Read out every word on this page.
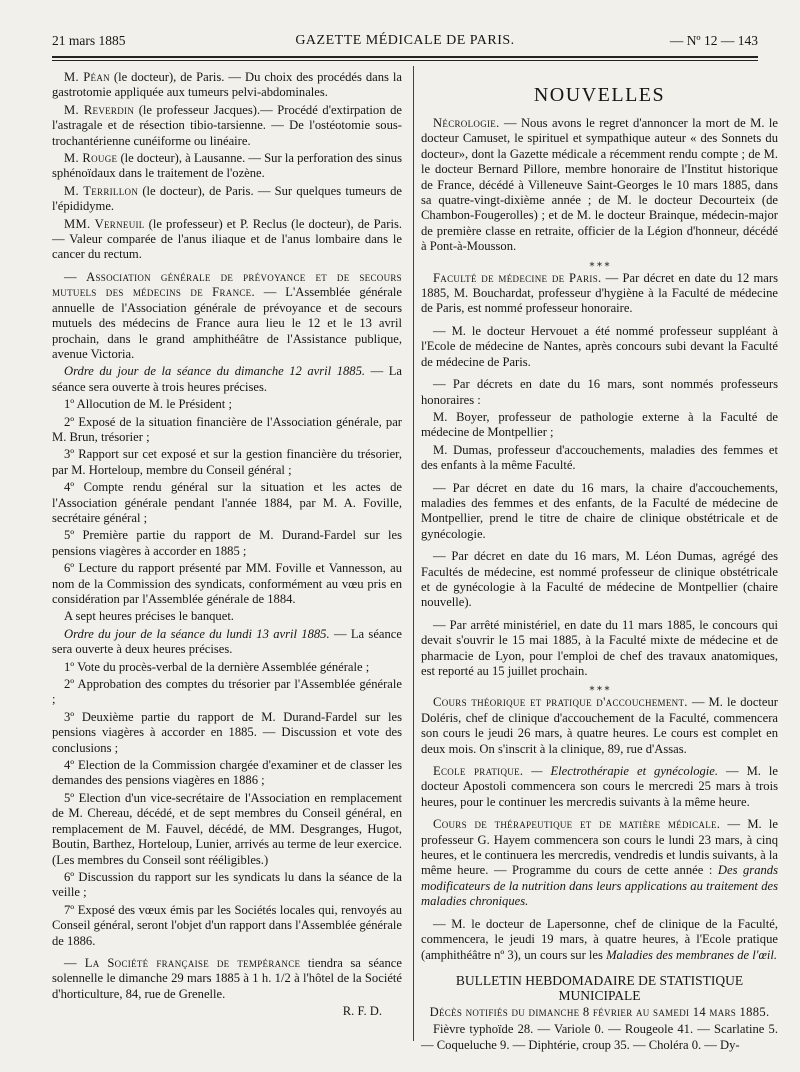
21 mars 1885	GAZETTE MÉDICALE DE PARIS.	— Nº 12 — 143

M. Péan (le docteur), de Paris. — Du choix des procédés dans la gastrotomie appliquée aux tumeurs pelvi-abdominales.

M. Reverdin (le professeur Jacques).— Procédé d'extirpation de l'astragale et de résection tibio-tarsienne. — De l'ostéotomie sous-trochantérienne cunéiforme ou linéaire.

M. Rouge (le docteur), à Lausanne. — Sur la perforation des sinus sphénoïdaux dans le traitement de l'ozène.

M. Terrillon (le docteur), de Paris. — Sur quelques tumeurs de l'épididyme.

MM. Verneuil (le professeur) et P. Reclus (le docteur), de Paris. — Valeur comparée de l'anus iliaque et de l'anus lombaire dans le cancer du rectum.

— Association générale de prévoyance et de secours mutuels des médecins de France. — L'Assemblée générale annuelle de l'Association générale de prévoyance et de secours mutuels des médecins de France aura lieu le 12 et le 13 avril prochain, dans le grand amphithéâtre de l'Assistance publique, avenue Victoria.

Ordre du jour de la séance du dimanche 12 avril 1885. — La séance sera ouverte à trois heures précises.

1º Allocution de M. le Président ;

2º Exposé de la situation financière de l'Association générale, par M. Brun, trésorier ;

3º Rapport sur cet exposé et sur la gestion financière du trésorier, par M. Horteloup, membre du Conseil général ;

4º Compte rendu général sur la situation et les actes de l'Association générale pendant l'année 1884, par M. A. Foville, secrétaire général ;

5º Première partie du rapport de M. Durand-Fardel sur les pensions viagères à accorder en 1885 ;

6º Lecture du rapport présenté par MM. Foville et Vannesson, au nom de la Commission des syndicats, conformément au vœu pris en considération par l'Assemblée générale de 1884.

A sept heures précises le banquet.

Ordre du jour de la séance du lundi 13 avril 1885. — La séance sera ouverte à deux heures précises.

1º Vote du procès-verbal de la dernière Assemblée générale ;

2º Approbation des comptes du trésorier par l'Assemblée générale ;

3º Deuxième partie du rapport de M. Durand-Fardel sur les pensions viagères à accorder en 1885. — Discussion et vote des conclusions ;

4º Election de la Commission chargée d'examiner et de classer les demandes des pensions viagères en 1886 ;

5º Election d'un vice-secrétaire de l'Association en remplacement de M. Chereau, décédé, et de sept membres du Conseil général, en remplacement de M. Fauvel, décédé, de MM. Desgranges, Hugot, Boutin, Barthez, Horteloup, Lunier, arrivés au terme de leur exercice. (Les membres du Conseil sont rééligibles.)

6º Discussion du rapport sur les syndicats lu dans la séance de la veille ;

7º Exposé des vœux émis par les Sociétés locales qui, renvoyés au Conseil général, seront l'objet d'un rapport dans l'Assemblée générale de 1886.

— La Société française de tempérance tiendra sa séance solennelle le dimanche 29 mars 1885 à 1 h. 1/2 à l'hôtel de la Société d'horticulture, 84, rue de Grenelle.

R. F. D.

NOUVELLES

Nécrologie. — Nous avons le regret d'annoncer la mort de M. le docteur Camuset, le spirituel et sympathique auteur « des Sonnets du docteur», dont la Gazette médicale a récemment rendu compte ; de M. le docteur Bernard Pillore, membre honoraire de l'Institut historique de France, décédé à Villeneuve Saint-Georges le 10 mars 1885, dans sa quatre-vingt-dixième année ; de M. le docteur Decourteix (de Chambon-Fougerolles) ; et de M. le docteur Brainque, médecin-major de première classe en retraite, officier de la Légion d'honneur, décédé à Pont-à-Mousson.

⁎ ⁎ ⁎

Faculté de médecine de Paris. — Par décret en date du 12 mars 1885, M. Bouchardat, professeur d'hygiène à la Faculté de médecine de Paris, est nommé professeur honoraire.

— M. le docteur Hervouet a été nommé professeur suppléant à l'Ecole de médecine de Nantes, après concours subi devant la Faculté de médecine de Paris.

— Par décrets en date du 16 mars, sont nommés professeurs honoraires :

M. Boyer, professeur de pathologie externe à la Faculté de médecine de Montpellier ;

M. Dumas, professeur d'accouchements, maladies des femmes et des enfants à la même Faculté.

— Par décret en date du 16 mars, la chaire d'accouchements, maladies des femmes et des enfants, de la Faculté de médecine de Montpellier, prend le titre de chaire de clinique obstétricale et de gynécologie.

— Par décret en date du 16 mars, M. Léon Dumas, agrégé des Facultés de médecine, est nommé professeur de clinique obstétricale et de gynécologie à la Faculté de médecine de Montpellier (chaire nouvelle).

— Par arrêté ministériel, en date du 11 mars 1885, le concours qui devait s'ouvrir le 15 mai 1885, à la Faculté mixte de médecine et de pharmacie de Lyon, pour l'emploi de chef des travaux anatomiques, est reporté au 15 juillet prochain.

⁎ ⁎ ⁎

Cours théorique et pratique d'accouchement. — M. le docteur Doléris, chef de clinique d'accouchement de la Faculté, commencera son cours le jeudi 26 mars, à quatre heures. Le cours est complet en deux mois. On s'inscrit à la clinique, 89, rue d'Assas.

Ecole pratique. — Electrothérapie et gynécologie. — M. le docteur Apostoli commencera son cours le mercredi 25 mars à trois heures, pour le continuer les mercredis suivants à la même heure.

Cours de thérapeutique et de matière médicale. — M. le professeur G. Hayem commencera son cours le lundi 23 mars, à cinq heures, et le continuera les mercredis, vendredis et lundis suivants, à la même heure. — Programme du cours de cette année : Des grands modificateurs de la nutrition dans leurs applications au traitement des maladies chroniques.

— M. le docteur de Lapersonne, chef de clinique de la Faculté, commencera, le jeudi 19 mars, à quatre heures, à l'Ecole pratique (amphithéâtre nº 3), un cours sur les Maladies des membranes de l'œil.

BULLETIN HEBDOMADAIRE DE STATISTIQUE MUNICIPALE

Décès notifiés du dimanche 8 février au samedi 14 mars 1885.

Fièvre typhoïde 28. — Variole 0. — Rougeole 41. — Scarlatine 5. — Coqueluche 9. — Diphtérie, croup 35. — Choléra 0. — Dy-
